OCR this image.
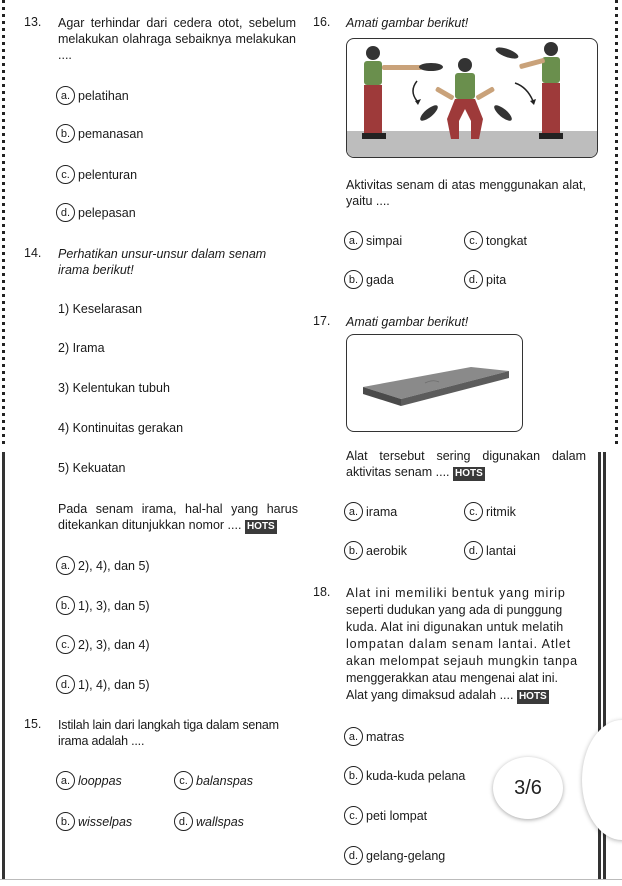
13. Agar terhindar dari cedera otot, sebelum melakukan olahraga sebaiknya melakukan ....
a. pelatihan
b. pemanasan
c. pelenturan
d. pelepasan
14. Perhatikan unsur-unsur dalam senam irama berikut!
1) Keselarasan
2) Irama
3) Kelentukan tubuh
4) Kontinuitas gerakan
5) Kekuatan
Pada senam irama, hal-hal yang harus ditekankan ditunjukkan nomor .... HOTS
a. 2), 4), dan 5)
b. 1), 3), dan 5)
c. 2), 3), dan 4)
d. 1), 4), dan 5)
15. Istilah lain dari langkah tiga dalam senam irama adalah ....
a. looppas
b. wisselpas
c. balanspas
d. wallspas
16. Amati gambar berikut!
Aktivitas senam di atas menggunakan alat, yaitu ....
a. simpai
b. gada
c. tongkat
d. pita
17. Amati gambar berikut!
Alat tersebut sering digunakan dalam aktivitas senam .... HOTS
a. irama
b. aerobik
c. ritmik
d. lantai
18. Alat ini memiliki bentuk yang mirip
seperti dudukan yang ada di punggung
kuda. Alat ini digunakan untuk melatih
lompatan dalam senam lantai. Atlet
akan melompat sejauh mungkin tanpa
menggerakkan atau mengenai alat ini.
Alat yang dimaksud adalah .... HOTS
a. matras
b. kuda-kuda pelana
c. peti lompat
d. gelang-gelang
3/6
